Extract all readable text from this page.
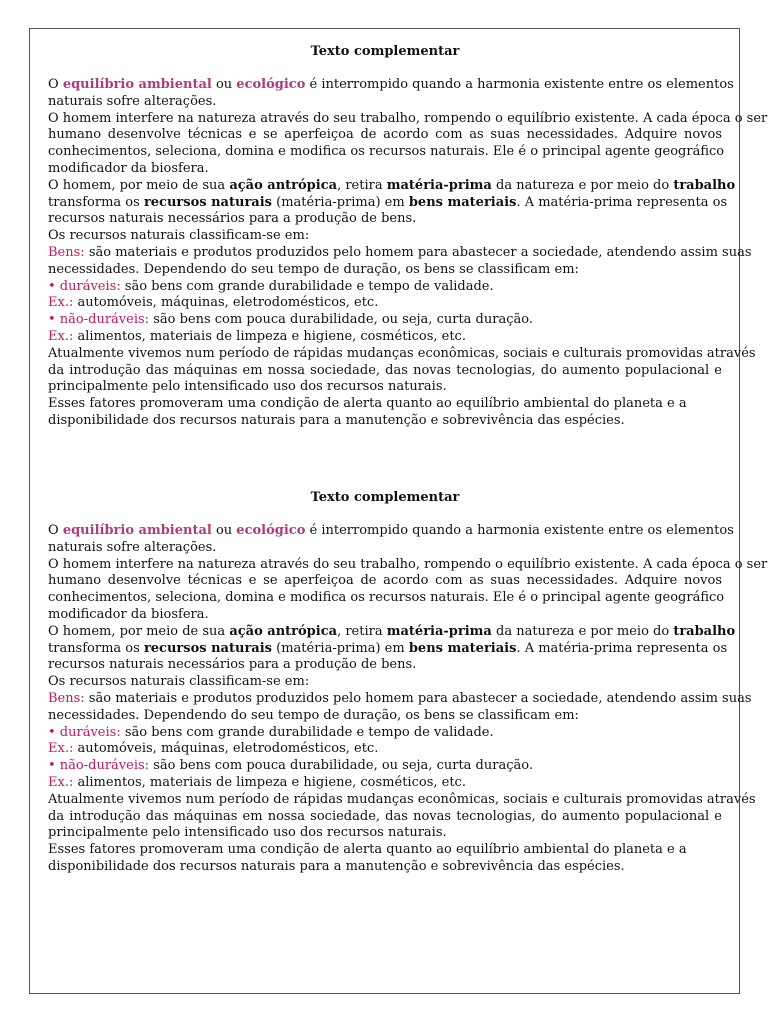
Texto complementar
O equilíbrio ambiental ou ecológico é interrompido quando a harmonia existente entre os elementos
naturais sofre alterações.
O homem interfere na natureza através do seu trabalho, rompendo o equilíbrio existente. A cada época o ser
humano desenvolve técnicas e se aperfeiçoa de acordo com as suas necessidades. Adquire novos
conhecimentos, seleciona, domina e modifica os recursos naturais. Ele é o principal agente geográfico
modificador da biosfera.
O homem, por meio de sua ação antrópica, retira matéria-prima da natureza e por meio do trabalho
transforma os recursos naturais (matéria-prima) em bens materiais. A matéria-prima representa os
recursos naturais necessários para a produção de bens.
Os recursos naturais classificam-se em:
Bens: são materiais e produtos produzidos pelo homem para abastecer a sociedade, atendendo assim suas
necessidades. Dependendo do seu tempo de duração, os bens se classificam em:
• duráveis: são bens com grande durabilidade e tempo de validade.
Ex.: automóveis, máquinas, eletrodomésticos, etc.
• não-duráveis: são bens com pouca durabilidade, ou seja, curta duração.
Ex.: alimentos, materiais de limpeza e higiene, cosméticos, etc.
Atualmente vivemos num período de rápidas mudanças econômicas, sociais e culturais promovidas através
da introdução das máquinas em nossa sociedade, das novas tecnologias, do aumento populacional e
principalmente pelo intensificado uso dos recursos naturais.
Esses fatores promoveram uma condição de alerta quanto ao equilíbrio ambiental do planeta e a
disponibilidade dos recursos naturais para a manutenção e sobrevivência das espécies.
Texto complementar
O equilíbrio ambiental ou ecológico é interrompido quando a harmonia existente entre os elementos
naturais sofre alterações.
O homem interfere na natureza através do seu trabalho, rompendo o equilíbrio existente. A cada época o ser
humano desenvolve técnicas e se aperfeiçoa de acordo com as suas necessidades. Adquire novos
conhecimentos, seleciona, domina e modifica os recursos naturais. Ele é o principal agente geográfico
modificador da biosfera.
O homem, por meio de sua ação antrópica, retira matéria-prima da natureza e por meio do trabalho
transforma os recursos naturais (matéria-prima) em bens materiais. A matéria-prima representa os
recursos naturais necessários para a produção de bens.
Os recursos naturais classificam-se em:
Bens: são materiais e produtos produzidos pelo homem para abastecer a sociedade, atendendo assim suas
necessidades. Dependendo do seu tempo de duração, os bens se classificam em:
• duráveis: são bens com grande durabilidade e tempo de validade.
Ex.: automóveis, máquinas, eletrodomésticos, etc.
• não-duráveis: são bens com pouca durabilidade, ou seja, curta duração.
Ex.: alimentos, materiais de limpeza e higiene, cosméticos, etc.
Atualmente vivemos num período de rápidas mudanças econômicas, sociais e culturais promovidas através
da introdução das máquinas em nossa sociedade, das novas tecnologias, do aumento populacional e
principalmente pelo intensificado uso dos recursos naturais.
Esses fatores promoveram uma condição de alerta quanto ao equilíbrio ambiental do planeta e a
disponibilidade dos recursos naturais para a manutenção e sobrevivência das espécies.
